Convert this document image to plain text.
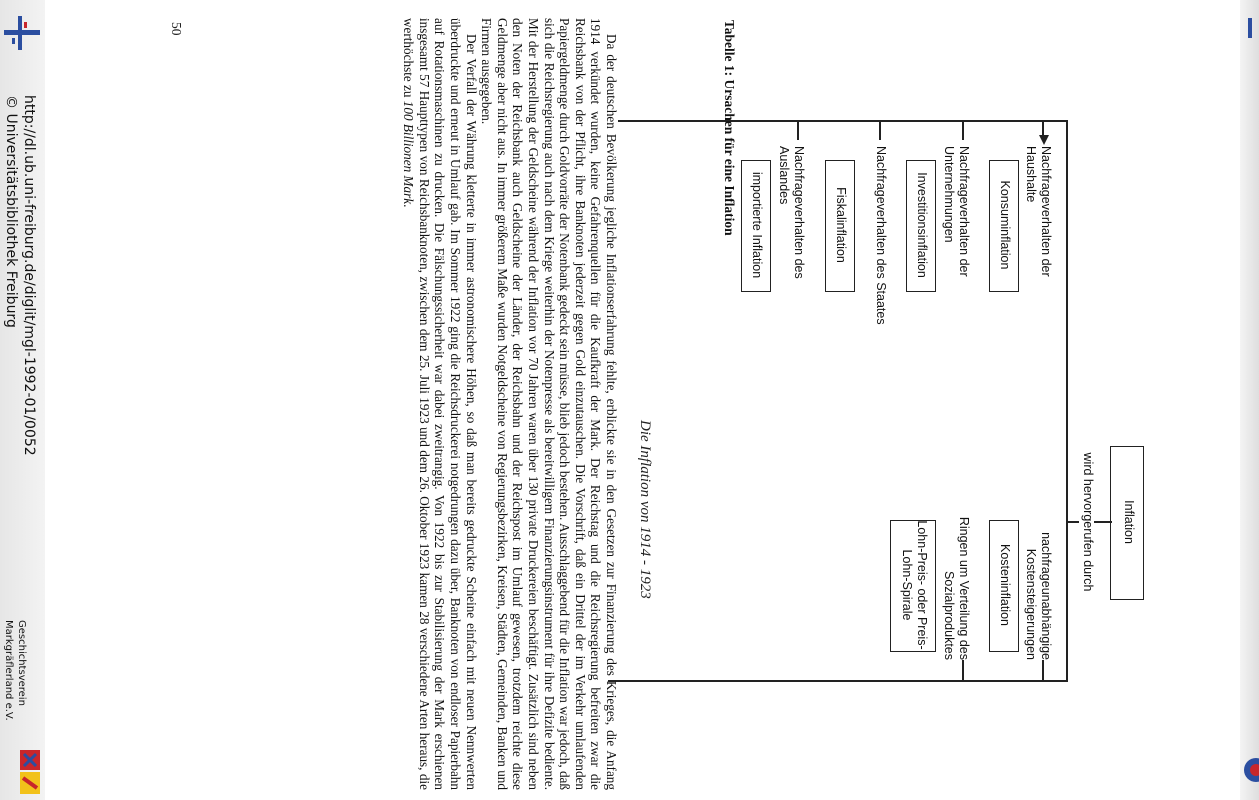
Inflation
wird hervorgerufen durch
Nachfrageverhalten der Haushalte
Konsuminflation
Nachfrageverhalten der Unternehmungen
Investitionsinflation
Nachfrageverhalten des Staates
Fiskalinflation
Nachfrageverhalten des Auslandes
importierte Inflation
nachfrageunabhängige Kostensteigerungen
Kosteninflation
Ringen um Verteilung des Sozialproduktes
Lohn-Preis- oder Preis-Lohn-Spirale
Tabelle 1: Ursachen für eine Inflation
Die Inflation von 1914 - 1923

Da der deutschen Bevölkerung jegliche Inflationserfahrung fehlte, erblickte sie in den Gesetzen zur Finanzierung des Krieges, die Anfang 1914 verkündet wurden, keine Gefahrenquellen für die Kaufkraft der Mark. Der Reichstag und die Reichsregierung befreiten zwar die Reichsbank von der Pflicht, ihre Banknoten jederzeit gegen Gold einzutauschen. Die Vorschrift, daß ein Drittel der im Verkehr umlaufenden Papiergeldmenge durch Goldvorräte der Notenbank gedeckt sein müsse, blieb jedoch bestehen. Ausschlaggebend für die Inflation war jedoch, daß sich die Reichsregierung auch nach dem Kriege weiterhin der Notenpresse als bereitwilligem Finanzierungsinstrument für ihre Defizite bediente. Mit der Herstellung der Geldscheine während der Inflation vor 70 Jahren waren über 130 private Druckereien beschäftigt. Zusätzlich sind neben den Noten der Reichsbank auch Geldscheine der Länder, der Reichsbahn und der Reichspost im Umlauf gewesen, trotzdem reichte diese Geldmenge aber nicht aus. In immer größerem Maße wurden Notgeldscheine von Regierungsbezirken, Kreisen, Städten, Gemeinden, Banken und Firmen ausgegeben.

Der Verfall der Währung kletterte in immer astronomischere Höhen, so daß man bereits gedruckte Scheine einfach mit neuen Nennwerten überdruckte und erneut in Umlauf gab. Im Sommer 1922 ging die Reichsdruckerei notgedrungen dazu über, Banknoten von endloser Papierbahn auf Rotationsmaschinen zu drucken. Die Fälschungssicherheit war dabei zweitrangig. Von 1922 bis zur Stabilisierung der Mark erschienen insgesamt 57 Haupttypen von Reichsbanknoten, zwischen dem 25. Juli 1923 und dem 26. Oktober 1923 kamen 28 verschiedene Arten heraus, die werthöchste zu 100 Billionen Mark.

50
http://dl.ub.uni-freiburg.de/diglit/mgl-1992-01/0052
© Universitätsbibliothek Freiburg
Geschichtsverein
Markgräflerland e.V.
